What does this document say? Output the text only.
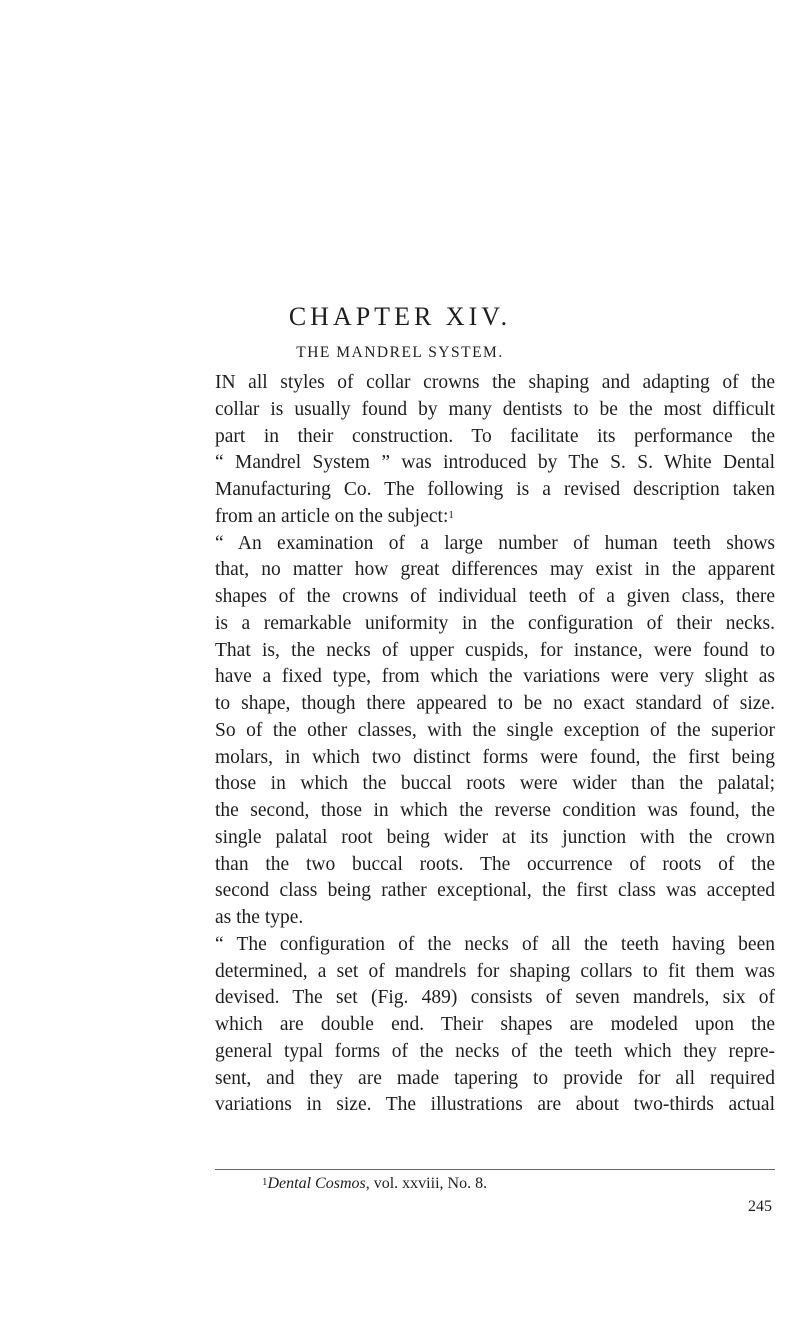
CHAPTER XIV.
THE MANDREL SYSTEM.
IN all styles of collar crowns the shaping and adapting of the
collar is usually found by many dentists to be the most difficult
part in their construction. To facilitate its performance the
“ Mandrel System ” was introduced by The S. S. White Dental
Manufacturing Co. The following is a revised description taken
from an article on the subject:$^1$
“ An examination of a large number of human teeth shows
that, no matter how great differences may exist in the apparent
shapes of the crowns of individual teeth of a given class, there
is a remarkable uniformity in the configuration of their necks.
That is, the necks of upper cuspids, for instance, were found to
have a fixed type, from which the variations were very slight as
to shape, though there appeared to be no exact standard of size.
So of the other classes, with the single exception of the superior
molars, in which two distinct forms were found, the first being
those in which the buccal roots were wider than the palatal;
the second, those in which the reverse condition was found, the
single palatal root being wider at its junction with the crown
than the two buccal roots. The occurrence of roots of the
second class being rather exceptional, the first class was accepted
as the type.
“ The configuration of the necks of all the teeth having been
determined, a set of mandrels for shaping collars to fit them was
devised. The set (Fig. 489) consists of seven mandrels, six of
which are double end. Their shapes are modeled upon the
general typal forms of the necks of the teeth which they repre-
sent, and they are made tapering to provide for all required
variations in size. The illustrations are about two-thirds actual
$^1$Dental Cosmos, vol. xxviii, No. 8.
245
